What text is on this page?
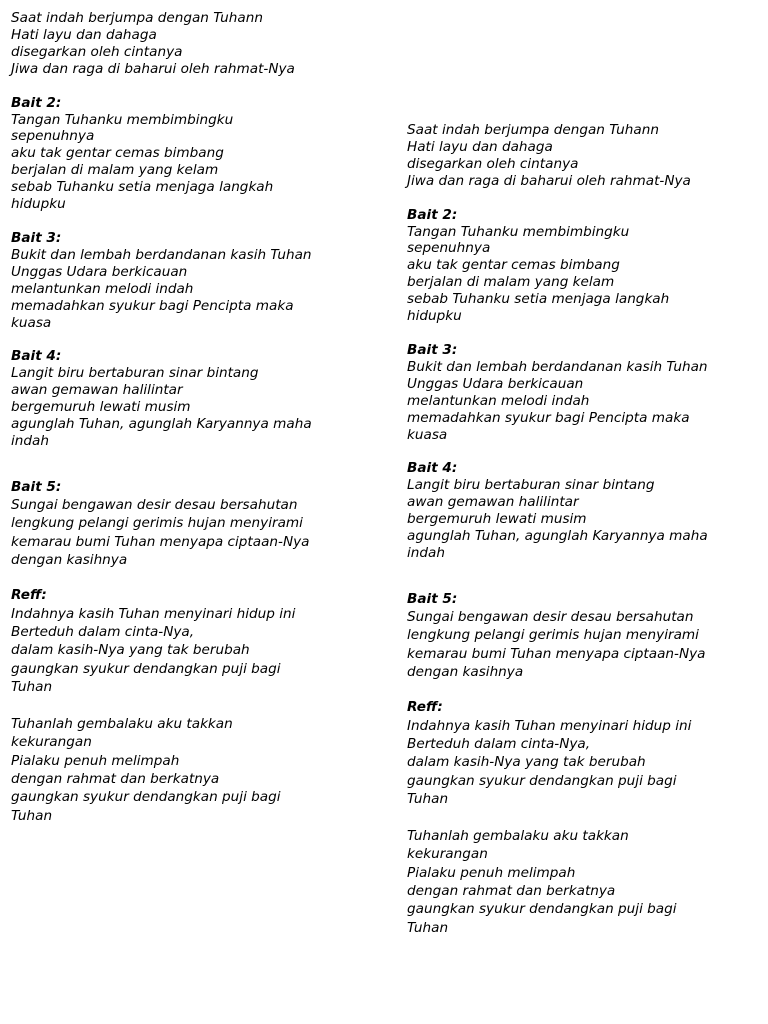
Saat indah berjumpa dengan Tuhann
Hati layu dan dahaga
disegarkan oleh cintanya
Jiwa dan raga di baharui oleh rahmat-Nya
Bait 2:
Tangan Tuhanku membimbingku
sepenuhnya
aku tak gentar cemas bimbang
berjalan di malam yang kelam
sebab Tuhanku setia menjaga langkah
hidupku
Bait 3:
Bukit dan lembah berdandanan kasih Tuhan
Unggas Udara berkicauan
melantunkan melodi indah
memadahkan syukur bagi Pencipta maka
kuasa
Bait 4:
Langit biru bertaburan sinar bintang
awan gemawan halilintar
bergemuruh lewati musim
agunglah Tuhan, agunglah Karyannya maha
indah
Bait 5:
Sungai bengawan desir desau bersahutan
lengkung pelangi gerimis hujan menyirami
kemarau bumi Tuhan menyapa ciptaan-Nya
dengan kasihnya
Reff:
Indahnya kasih Tuhan menyinari hidup ini
Berteduh dalam cinta-Nya,
dalam kasih-Nya yang tak berubah
gaungkan syukur dendangkan puji bagi
Tuhan
Tuhanlah gembalaku aku takkan
kekurangan
Pialaku penuh melimpah
dengan rahmat dan berkatnya
gaungkan syukur dendangkan puji bagi
Tuhan
Saat indah berjumpa dengan Tuhann
Hati layu dan dahaga
disegarkan oleh cintanya
Jiwa dan raga di baharui oleh rahmat-Nya
Bait 2:
Tangan Tuhanku membimbingku
sepenuhnya
aku tak gentar cemas bimbang
berjalan di malam yang kelam
sebab Tuhanku setia menjaga langkah
hidupku
Bait 3:
Bukit dan lembah berdandanan kasih Tuhan
Unggas Udara berkicauan
melantunkan melodi indah
memadahkan syukur bagi Pencipta maka
kuasa
Bait 4:
Langit biru bertaburan sinar bintang
awan gemawan halilintar
bergemuruh lewati musim
agunglah Tuhan, agunglah Karyannya maha
indah
Bait 5:
Sungai bengawan desir desau bersahutan
lengkung pelangi gerimis hujan menyirami
kemarau bumi Tuhan menyapa ciptaan-Nya
dengan kasihnya
Reff:
Indahnya kasih Tuhan menyinari hidup ini
Berteduh dalam cinta-Nya,
dalam kasih-Nya yang tak berubah
gaungkan syukur dendangkan puji bagi
Tuhan
Tuhanlah gembalaku aku takkan
kekurangan
Pialaku penuh melimpah
dengan rahmat dan berkatnya
gaungkan syukur dendangkan puji bagi
Tuhan
